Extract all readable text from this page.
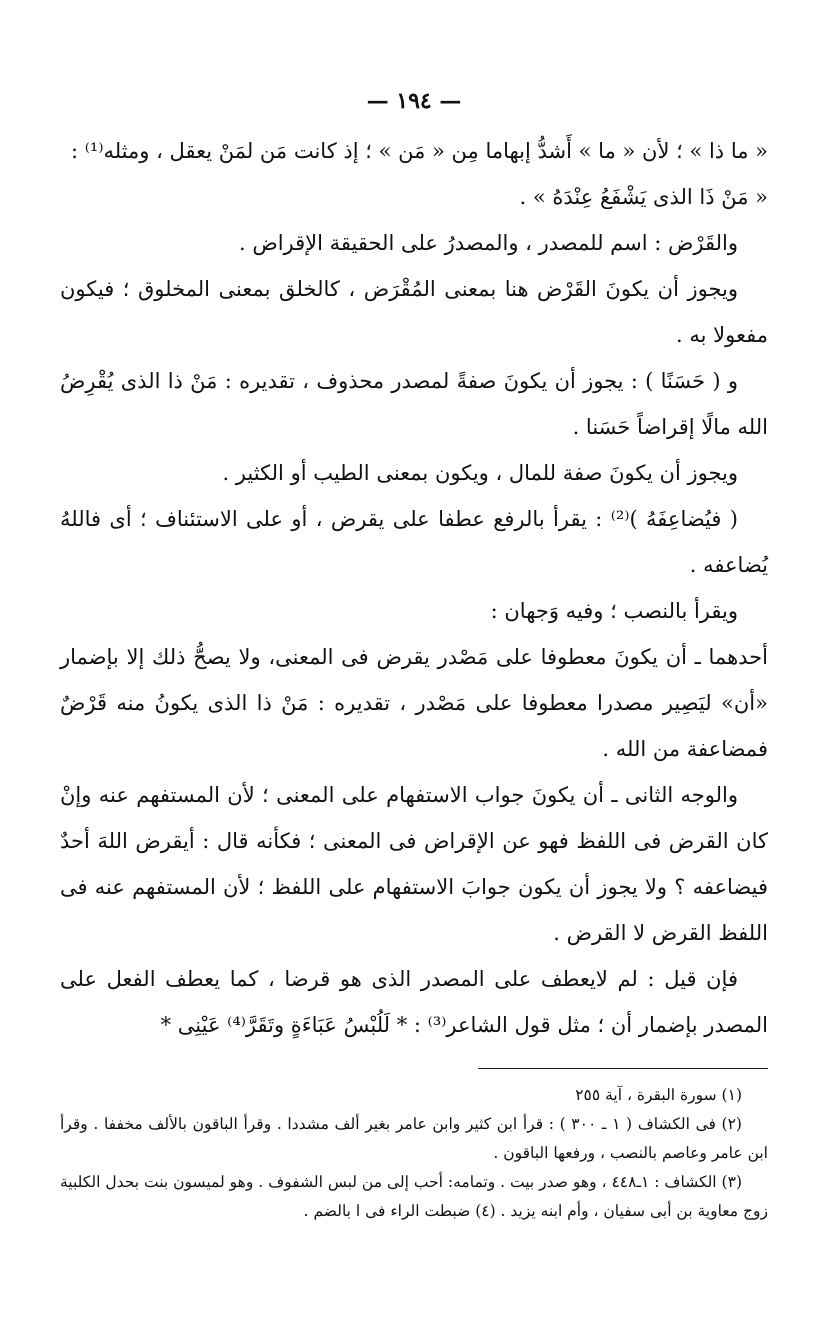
— ١٩٤ —

« ما ذا » ؛ لأن « ما » أَشدُّ إبهاما مِن « مَن » ؛ إذ كانت مَن لمَنْ يعقل ، ومثله⁽¹⁾ :

« مَنْ ذَا الذى يَشْفَعُ عِنْدَهُ » .

والقَرْض : اسم للمصدر ، والمصدرُ على الحقيقة الإقراض .

ويجوز أن يكونَ القَرْض هنا بمعنى المُقْرَض ، كالخلق بمعنى المخلوق ؛ فيكون مفعولا به .

و ( حَسَنًا ) : يجوز أن يكونَ صفةً لمصدر محذوف ، تقديره : مَنْ ذا الذى يُقْرِضُ الله مالًا إقراضاً حَسَنا .

ويجوز أن يكونَ صفة للمال ، ويكون بمعنى الطيب أو الكثير .

( فيُضاعِفَهُ )⁽²⁾ : يقرأ بالرفع عطفا على يقرض ، أو على الاستئناف ؛ أى فاللهُ يُضاعفه .

ويقرأ بالنصب ؛ وفيه وَجهان :

أحدهما ـ أن يكونَ معطوفا على مَصْدر يقرض فى المعنى، ولا يصحُّ ذلك إلا بإضمار «أن» ليَصِير مصدرا معطوفا على مَصْدر ، تقديره : مَنْ ذا الذى يكونُ منه قَرْضٌ فمضاعفة من الله .

والوجه الثانى ـ أن يكونَ جواب الاستفهام على المعنى ؛ لأن المستفهم عنه وإنْ كان القرض فى اللفظ فهو عن الإقراض فى المعنى ؛ فكأنه قال : أيقرض اللهَ أحدٌ فيضاعفه ؟ ولا يجوز أن يكون جوابَ الاستفهام على اللفظ ؛ لأن المستفهم عنه فى اللفظ القرض لا القرض .

فإن قيل : لم لايعطف على المصدر الذى هو قرضا ، كما يعطف الفعل على المصدر بإضمار أن ؛ مثل قول الشاعر⁽³⁾ : * لَلُبْسُ عَبَاءَةٍ وتَقَرَّ⁽⁴⁾ عَيْنِى *

(١) سورة البقرة ، آية ٢٥٥

(٢) فى الكشاف ( ١ ـ ٣٠٠ ) : قرأ ابن كثير وابن عامر بغير ألف مشددا . وقرأ الباقون بالألف مخففا . وقرأ ابن عامر وعاصم بالنصب ، ورفعها الباقون .

(٣) الكشاف : ١ـ٤٤٨ ، وهو صدر بيت . وتمامه: أحب إلى من لبس الشفوف . وهو لميسون بنت بحدل الكلبية زوج معاوية بن أبى سفيان ، وأم ابنه يزيد . (٤) ضبطت الراء فى ا بالضم .
